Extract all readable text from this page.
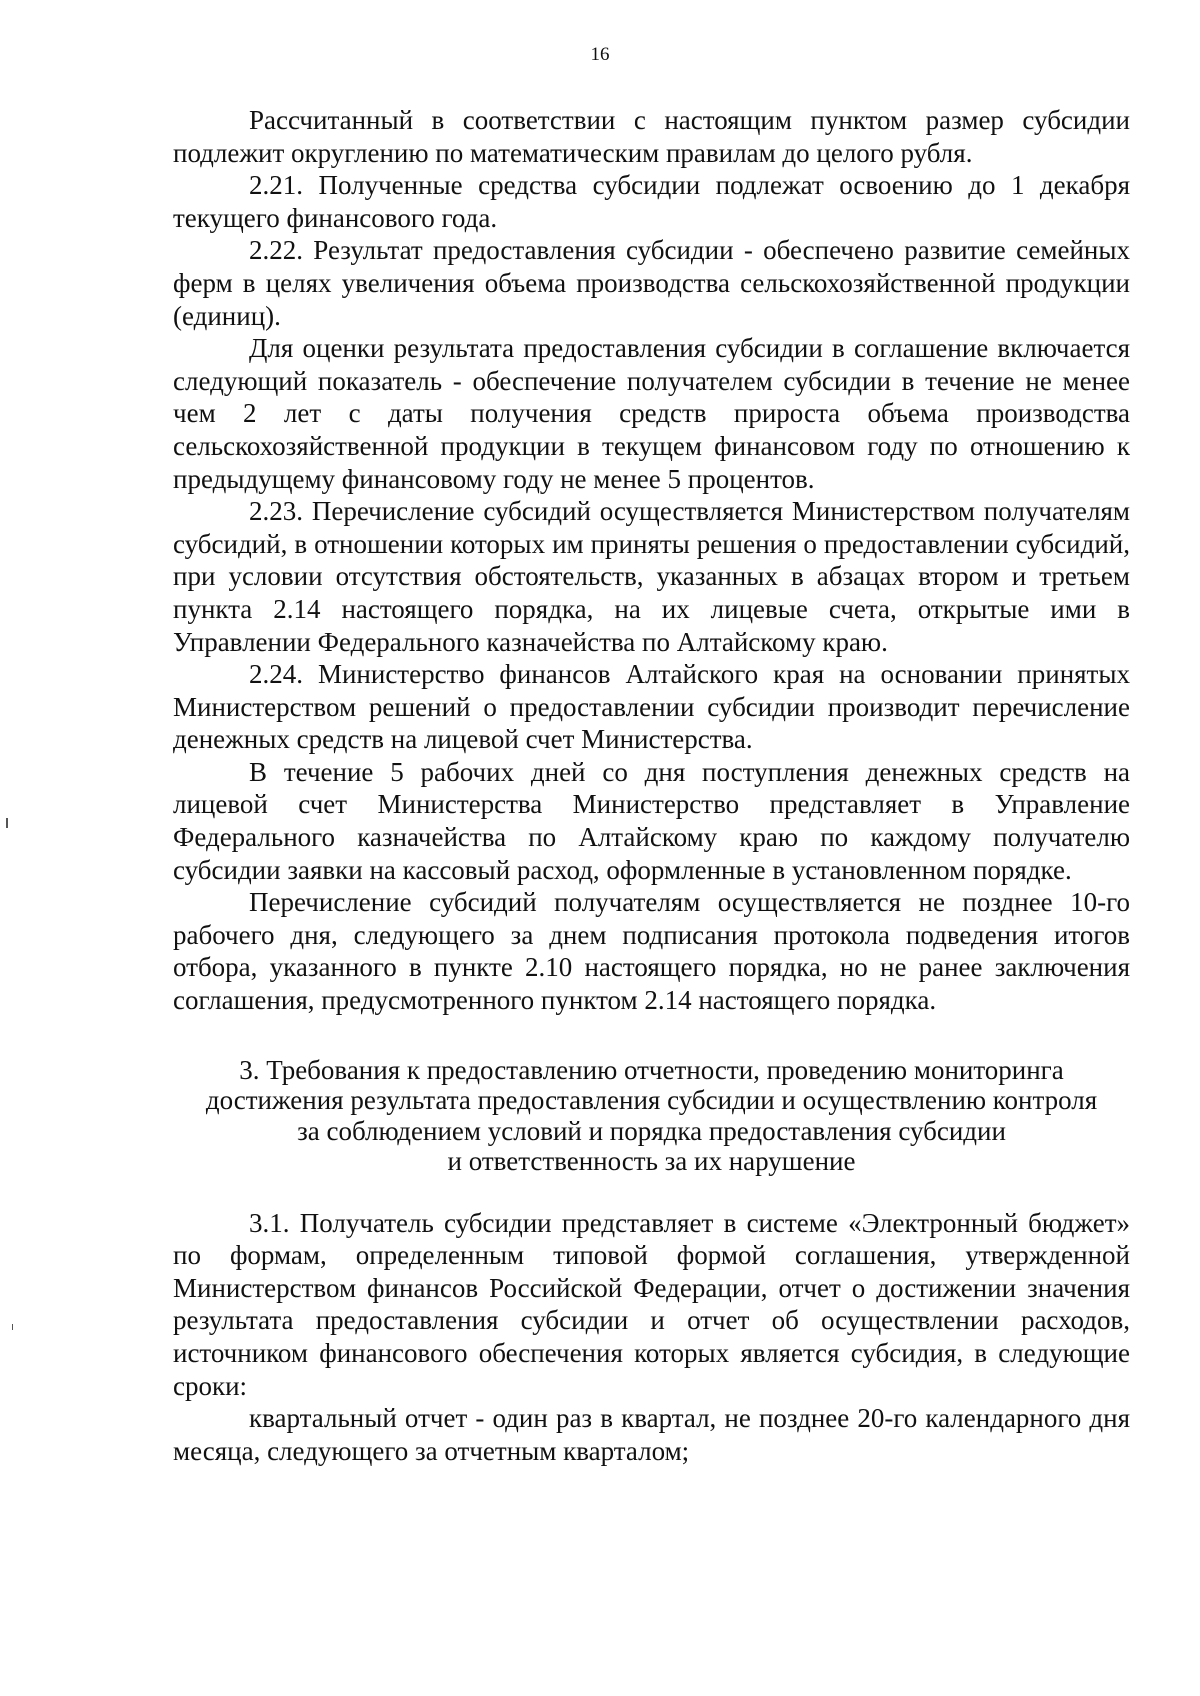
16

Рассчитанный в соответствии с настоящим пунктом размер субсидии подлежит округлению по математическим правилам до целого рубля.

2.21. Полученные средства субсидии подлежат освоению до 1 декабря текущего финансового года.

2.22. Результат предоставления субсидии - обеспечено развитие семейных ферм в целях увеличения объема производства сельскохозяйственной продукции (единиц).

Для оценки результата предоставления субсидии в соглашение включается следующий показатель - обеспечение получателем субсидии в течение не менее чем 2 лет с даты получения средств прироста объема производства сельскохозяйственной продукции в текущем финансовом году по отношению к предыдущему финансовому году не менее 5 процентов.

2.23. Перечисление субсидий осуществляется Министерством получателям субсидий, в отношении которых им приняты решения о предоставлении субсидий, при условии отсутствия обстоятельств, указанных в абзацах втором и третьем пункта 2.14 настоящего порядка, на их лицевые счета, открытые ими в Управлении Федерального казначейства по Алтайскому краю.

2.24. Министерство финансов Алтайского края на основании принятых Министерством решений о предоставлении субсидии производит перечисление денежных средств на лицевой счет Министерства.

В течение 5 рабочих дней со дня поступления денежных средств на лицевой счет Министерства Министерство представляет в Управление Федерального казначейства по Алтайскому краю по каждому получателю субсидии заявки на кассовый расход, оформленные в установленном порядке.

Перечисление субсидий получателям осуществляется не позднее 10-го рабочего дня, следующего за днем подписания протокола подведения итогов отбора, указанного в пункте 2.10 настоящего порядка, но не ранее заключения соглашения, предусмотренного пунктом 2.14 настоящего порядка.

3. Требования к предоставлению отчетности, проведению мониторинга
достижения результата предоставления субсидии и осуществлению контроля
за соблюдением условий и порядка предоставления субсидии
и ответственность за их нарушение

3.1. Получатель субсидии представляет в системе «Электронный бюджет» по формам, определенным типовой формой соглашения, утвержденной Министерством финансов Российской Федерации, отчет о достижении значения результата предоставления субсидии и отчет об осуществлении расходов, источником финансового обеспечения которых является субсидия, в следующие сроки:

квартальный отчет - один раз в квартал, не позднее 20-го календарного дня месяца, следующего за отчетным кварталом;
